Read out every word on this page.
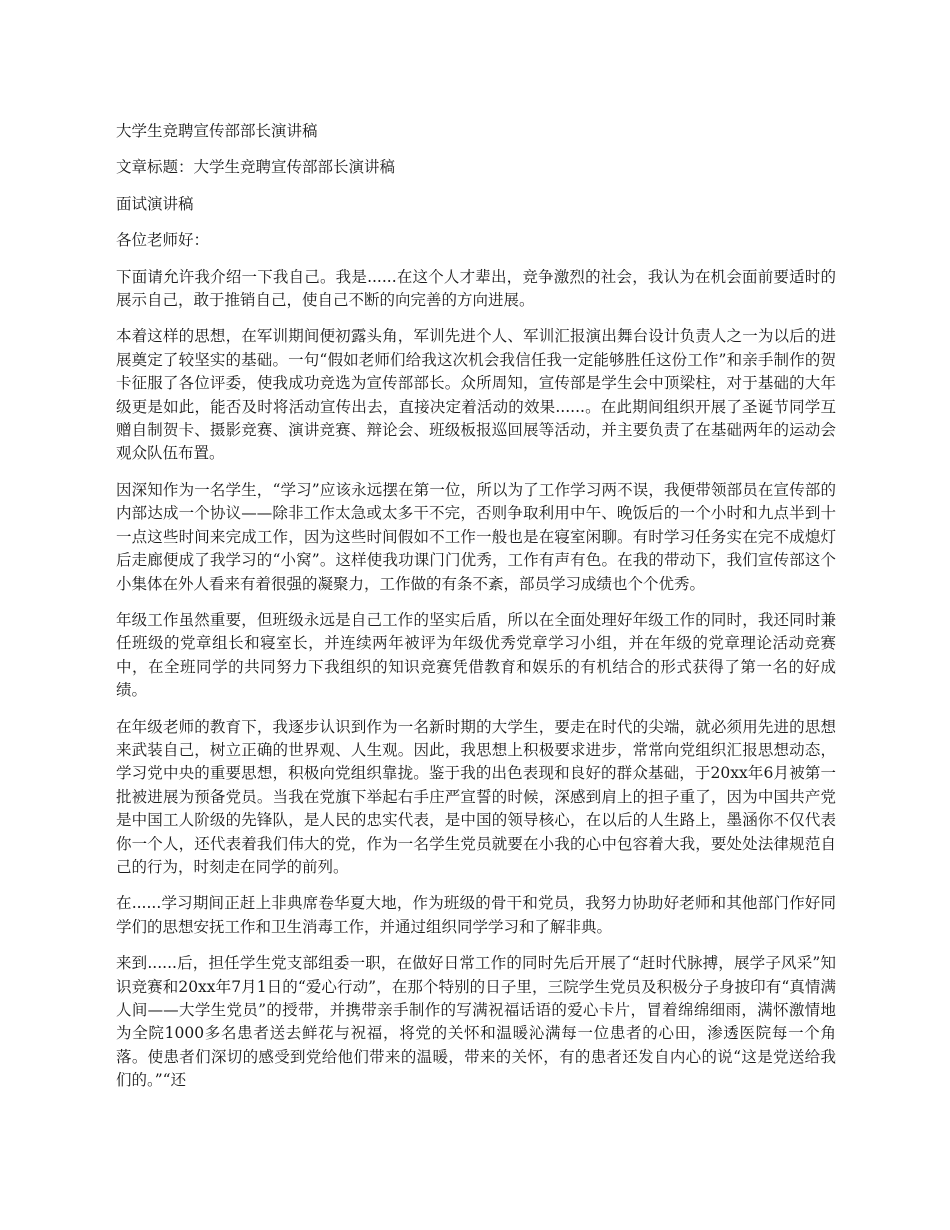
大学生竞聘宣传部部长演讲稿
文章标题：大学生竞聘宣传部部长演讲稿
面试演讲稿
各位老师好：

下面请允许我介绍一下我自己。我是......在这个人才辈出，竞争激烈的社会，我认为在机会面前要适时的展示自己，敢于推销自己，使自己不断的向完善的方向进展。

本着这样的思想，在军训期间便初露头角，军训先进个人、军训汇报演出舞台设计负责人之一为以后的进展奠定了较坚实的基础。一句“假如老师们给我这次机会我信任我一定能够胜任这份工作”和亲手制作的贺卡征服了各位评委，使我成功竞选为宣传部部长。众所周知，宣传部是学生会中顶梁柱，对于基础的大年级更是如此，能否及时将活动宣传出去，直接决定着活动的效果......。在此期间组织开展了圣诞节同学互赠自制贺卡、摄影竞赛、演讲竞赛、辩论会、班级板报巡回展等活动，并主要负责了在基础两年的运动会观众队伍布置。

因深知作为一名学生，“学习”应该永远摆在第一位，所以为了工作学习两不误，我便带领部员在宣传部的内部达成一个协议——除非工作太急或太多干不完，否则争取利用中午、晚饭后的一个小时和九点半到十一点这些时间来完成工作，因为这些时间假如不工作一般也是在寝室闲聊。有时学习任务实在完不成熄灯后走廊便成了我学习的“小窝”。这样使我功课门门优秀，工作有声有色。在我的带动下，我们宣传部这个小集体在外人看来有着很强的凝聚力，工作做的有条不紊，部员学习成绩也个个优秀。

年级工作虽然重要，但班级永远是自己工作的坚实后盾，所以在全面处理好年级工作的同时，我还同时兼任班级的党章组长和寝室长，并连续两年被评为年级优秀党章学习小组，并在年级的党章理论活动竞赛中，在全班同学的共同努力下我组织的知识竞赛凭借教育和娱乐的有机结合的形式获得了第一名的好成绩。

在年级老师的教育下，我逐步认识到作为一名新时期的大学生，要走在时代的尖端，就必须用先进的思想来武装自己，树立正确的世界观、人生观。因此，我思想上积极要求进步，常常向党组织汇报思想动态，学习党中央的重要思想，积极向党组织靠拢。鉴于我的出色表现和良好的群众基础，于20xx年6月被第一批被进展为预备党员。当我在党旗下举起右手庄严宣誓的时候，深感到肩上的担子重了，因为中国共产党是中国工人阶级的先锋队，是人民的忠实代表，是中国的领导核心，在以后的人生路上，墨涵你不仅代表你一个人，还代表着我们伟大的党，作为一名学生党员就要在小我的心中包容着大我，要处处法律规范自己的行为，时刻走在同学的前列。

在......学习期间正赶上非典席卷华夏大地，作为班级的骨干和党员，我努力协助好老师和其他部门作好同学们的思想安抚工作和卫生消毒工作，并通过组织同学学习和了解非典。

来到......后，担任学生党支部组委一职，在做好日常工作的同时先后开展了“赶时代脉搏，展学子风采”知识竞赛和20xx年7月1日的“爱心行动”，在那个特别的日子里，三院学生党员及积极分子身披印有“真情满人间——大学生党员”的授带，并携带亲手制作的写满祝福话语的爱心卡片，冒着绵绵细雨，满怀激情地为全院1000多名患者送去鲜花与祝福，将党的关怀和温暖沁满每一位患者的心田，渗透医院每一个角落。使患者们深切的感受到党给他们带来的温暖，带来的关怀，有的患者还发自内心的说“这是党送给我们的。”“还
